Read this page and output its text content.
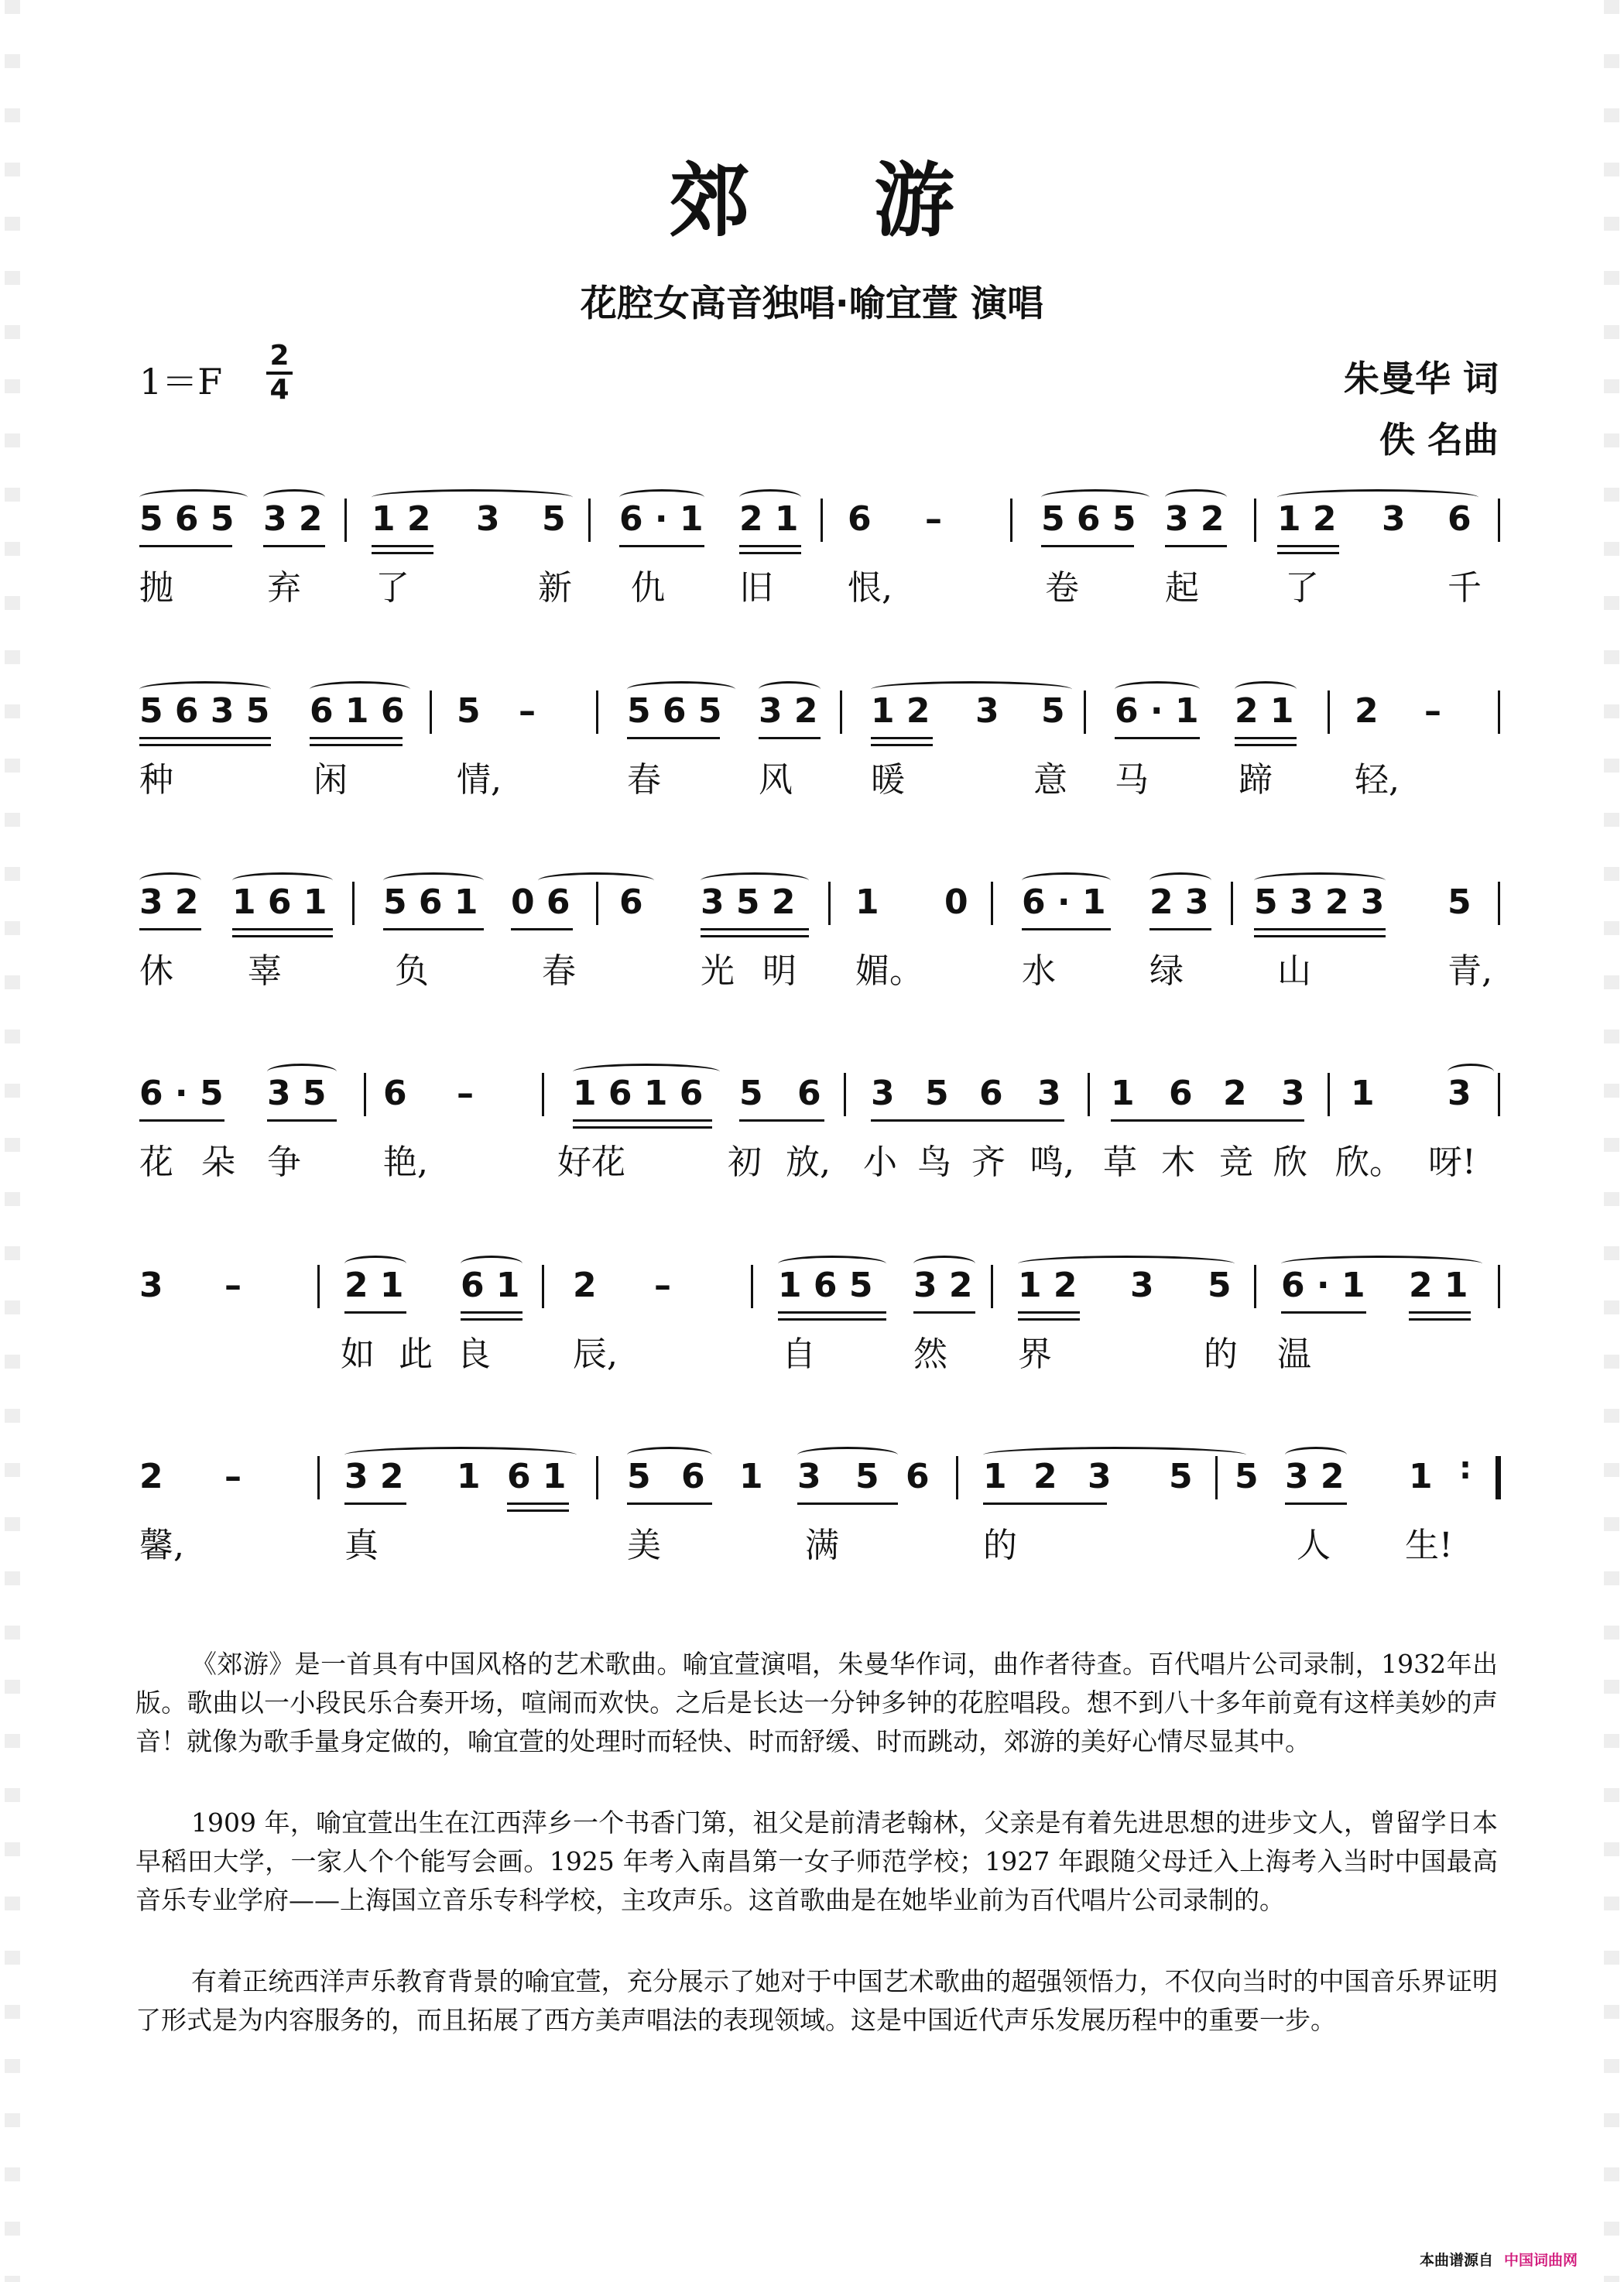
郊游
花腔女高音独唱·喻宜萱 演唱
$1=F \frac{2}{4}$	朱曼华 词
佚 名曲
5 6 5 3 2 1 2 3 5 6 · 1 2 1 6 –	5 6 5 3 2 1 2 3 6
抛	弃 了	新 仇 旧 恨,	卷	起	了	千
5 6 3 5 6 1 6 5 –	5 6 5 3 2 1 2 3 5 6 · 1 2 1 2 –
种	闲	情,	春	风 暖	意 马	蹄 轻,
3 2 1 6 1 5 6 1 0 6 6 3 5 2 1 0 6 · 1 2 3 5 3 2 3 5
休 辜	负	春	光 明 媚。	水	绿	山	青,
6 · 5 3 5 6 –	1 6 1 6 5 6 3 5 6 3 1 6 2 3 1 3
花 朵 争 艳,	好花	初 放, 小 鸟 齐 鸣, 草 木 竞 欣 欣。 呀!
3 –	2 1 6 1 2 –	1 6 5 3 2 1 2 3 5 6 · 1 2 1
如 此 良 辰,	自	然 界	的 温
2 –	3 2 1 6 1 5 6 1 3 5 6 1 2 3 5 5 3 2 1 :
馨,	真	美	满	的	人 生!

《郊游》是一首具有中国风格的艺术歌曲。喻宜萱演唱，朱曼华作词，曲作者待查。百代唱片公司录制，1932年出版。歌曲以一小段民乐合奏开场，喧闹而欢快。之后是长达一分钟多钟的花腔唱段。想不到八十多年前竟有这样美妙的声音！就像为歌手量身定做的，喻宜萱的处理时而轻快、时而舒缓、时而跳动，郊游的美好心情尽显其中。

1909 年，喻宜萱出生在江西萍乡一个书香门第，祖父是前清老翰林，父亲是有着先进思想的进步文人，曾留学日本早稻田大学，一家人个个能写会画。1925 年考入南昌第一女子师范学校；1927 年跟随父母迁入上海考入当时中国最高音乐专业学府——上海国立音乐专科学校，主攻声乐。这首歌曲是在她毕业前为百代唱片公司录制的。

有着正统西洋声乐教育背景的喻宜萱，充分展示了她对于中国艺术歌曲的超强领悟力，不仅向当时的中国音乐界证明了形式是为内容服务的，而且拓展了西方美声唱法的表现领域。这是中国近代声乐发展历程中的重要一步。

本曲谱源自 中国词曲网
